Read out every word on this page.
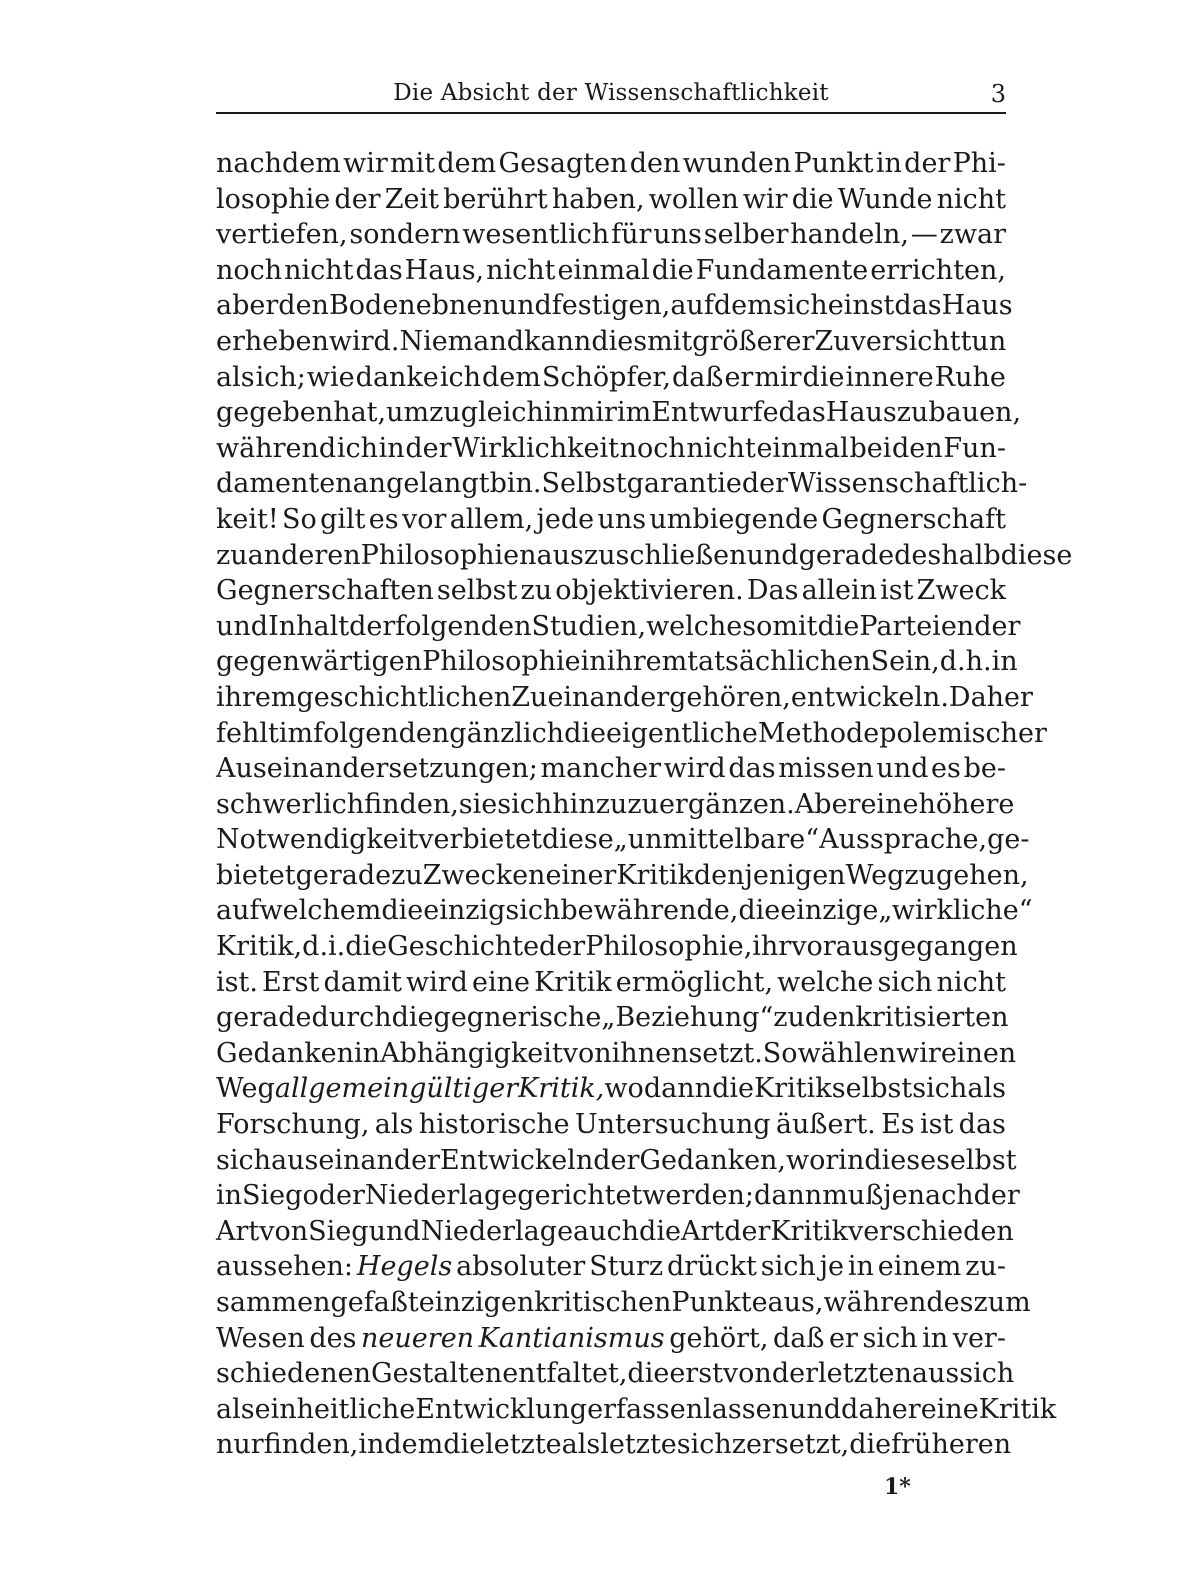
Die Absicht der Wissenschaftlichkeit	3
nachdem wir mit dem Gesagten den wunden Punkt in der Phi-
losophie der Zeit berührt haben, wollen wir die Wunde nicht
vertiefen, sondern wesentlich für uns selber handeln, — zwar
noch nicht das Haus, nicht einmal die Fundamente errichten,
aber den Boden ebnen und festigen, auf dem sich einst das Haus
erheben wird. Niemand kann dies mit größerer Zuversicht tun
als ich; wie danke ich dem Schöpfer, daß er mir die innere Ruhe
gegeben hat, um zugleich in mir im Entwurfe das Haus zu bauen,
während ich in der Wirklichkeit noch nicht einmal bei den Fun-
damenten angelangt bin. Selbstgarantie der Wissenschaftlich-
keit! So gilt es vor allem, jede uns umbiegende Gegnerschaft
zu anderen Philosophien auszuschließen und gerade deshalb diese
Gegnerschaften selbst zu objektivieren. Das allein ist Zweck
und Inhalt der folgenden Studien, welche somit die Parteien der
gegenwärtigen Philosophie in ihrem tatsächlichen Sein, d. h. in
ihrem geschichtlichen Zueinandergehören, entwickeln. Daher
fehlt im folgenden gänzlich die eigentliche Methode polemischer
Auseinandersetzungen; mancher wird das missen und es be-
schwerlich finden, sie sich hinzuzuergänzen. Aber eine höhere
Notwendigkeit verbietet diese „unmittelbare“ Aussprache, ge-
bietet gerade zu Zwecken einer Kritik denjenigen Weg zu gehen,
auf welchem die einzig sich bewährende, die einzige „wirkliche“
Kritik, d. i. die Geschichte der Philosophie, ihr vorausgegangen
ist. Erst damit wird eine Kritik ermöglicht, welche sich nicht
gerade durch die gegnerische „Beziehung“ zu den kritisierten
Gedanken in Abhängigkeit von ihnen setzt. So wählen wir einen
Weg allgemeingültiger Kritik, wo dann die Kritik selbst sich als
Forschung, als historische Untersuchung äußert. Es ist das
sich auseinander Entwickeln der Gedanken, worin diese selbst
in Sieg oder Niederlage gerichtet werden; dann muß je nach der
Art von Sieg und Niederlage auch die Art der Kritik verschieden
aussehen: Hegels absoluter Sturz drückt sich je in einem zu-
sammengefaßt einzigen kritischen Punkte aus, während es zum
Wesen des neueren Kantianismus gehört, daß er sich in ver-
schiedenen Gestalten entfaltet, die erst von der letzten aus sich
als einheitliche Entwicklung erfassen lassen und daher eine Kritik
nur finden, indem die letzte als letzte sich zersetzt, die früheren
1*
